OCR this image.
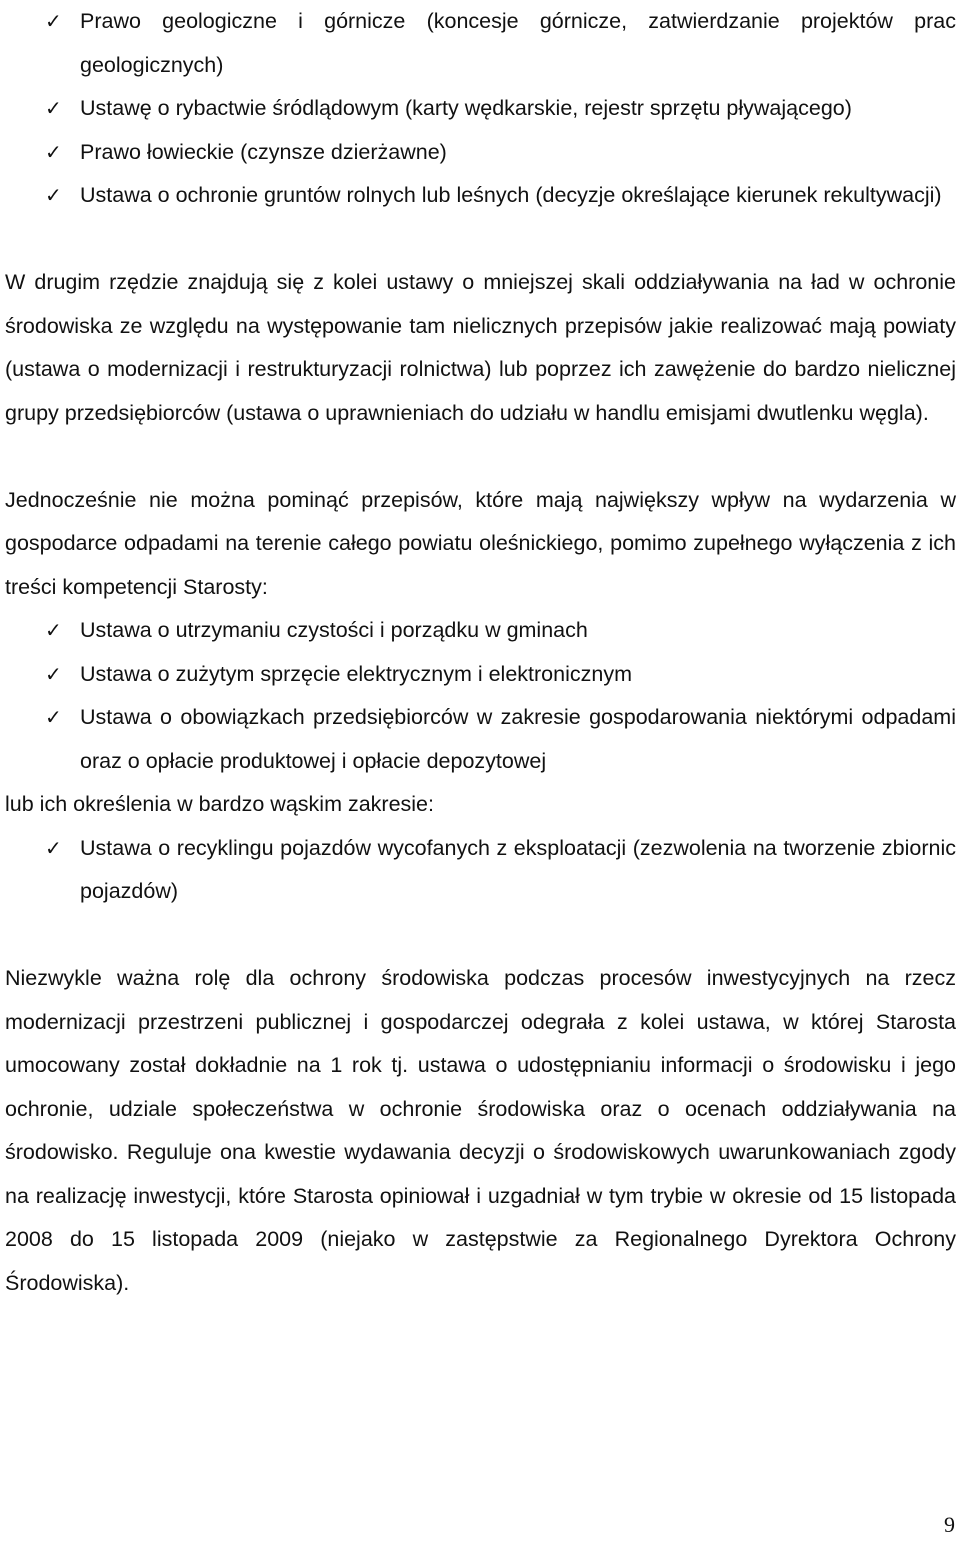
✓ Prawo geologiczne i górnicze (koncesje górnicze, zatwierdzanie projektów prac geologicznych)
✓ Ustawę o rybactwie śródlądowym (karty wędkarskie, rejestr sprzętu pływającego)
✓ Prawo łowieckie (czynsze dzierżawne)
✓ Ustawa o ochronie gruntów rolnych lub leśnych (decyzje określające kierunek rekultywacji)

W drugim rzędzie znajdują się z kolei ustawy o mniejszej skali oddziaływania na ład w ochronie środowiska ze względu na występowanie tam nielicznych przepisów jakie realizować mają powiaty (ustawa o modernizacji i restrukturyzacji rolnictwa) lub poprzez ich zawężenie do bardzo nielicznej grupy przedsiębiorców (ustawa o uprawnieniach do udziału w handlu emisjami dwutlenku węgla).

Jednocześnie nie można pominąć przepisów, które mają największy wpływ na wydarzenia w gospodarce odpadami na terenie całego powiatu oleśnickiego, pomimo zupełnego wyłączenia z ich treści kompetencji Starosty:

✓ Ustawa o utrzymaniu czystości i porządku w gminach
✓ Ustawa o zużytym sprzęcie elektrycznym i elektronicznym
✓ Ustawa o obowiązkach przedsiębiorców w zakresie gospodarowania niektórymi odpadami oraz o opłacie produktowej i opłacie depozytowej
lub ich określenia w bardzo wąskim zakresie:
✓ Ustawa o recyklingu pojazdów wycofanych z eksploatacji (zezwolenia na tworzenie zbiornic pojazdów)

Niezwykle ważna rolę dla ochrony środowiska podczas procesów inwestycyjnych na rzecz modernizacji przestrzeni publicznej i gospodarczej odegrała z kolei ustawa, w której Starosta umocowany został dokładnie na 1 rok tj. ustawa o udostępnianiu informacji o środowisku i jego ochronie, udziale społeczeństwa w ochronie środowiska oraz o ocenach oddziaływania na środowisko. Reguluje ona kwestie wydawania decyzji o środowiskowych uwarunkowaniach zgody na realizację inwestycji, które Starosta opiniował i uzgadniał w tym trybie w okresie od 15 listopada 2008 do 15 listopada 2009 (niejako w zastępstwie za Regionalnego Dyrektora Ochrony Środowiska).

9
